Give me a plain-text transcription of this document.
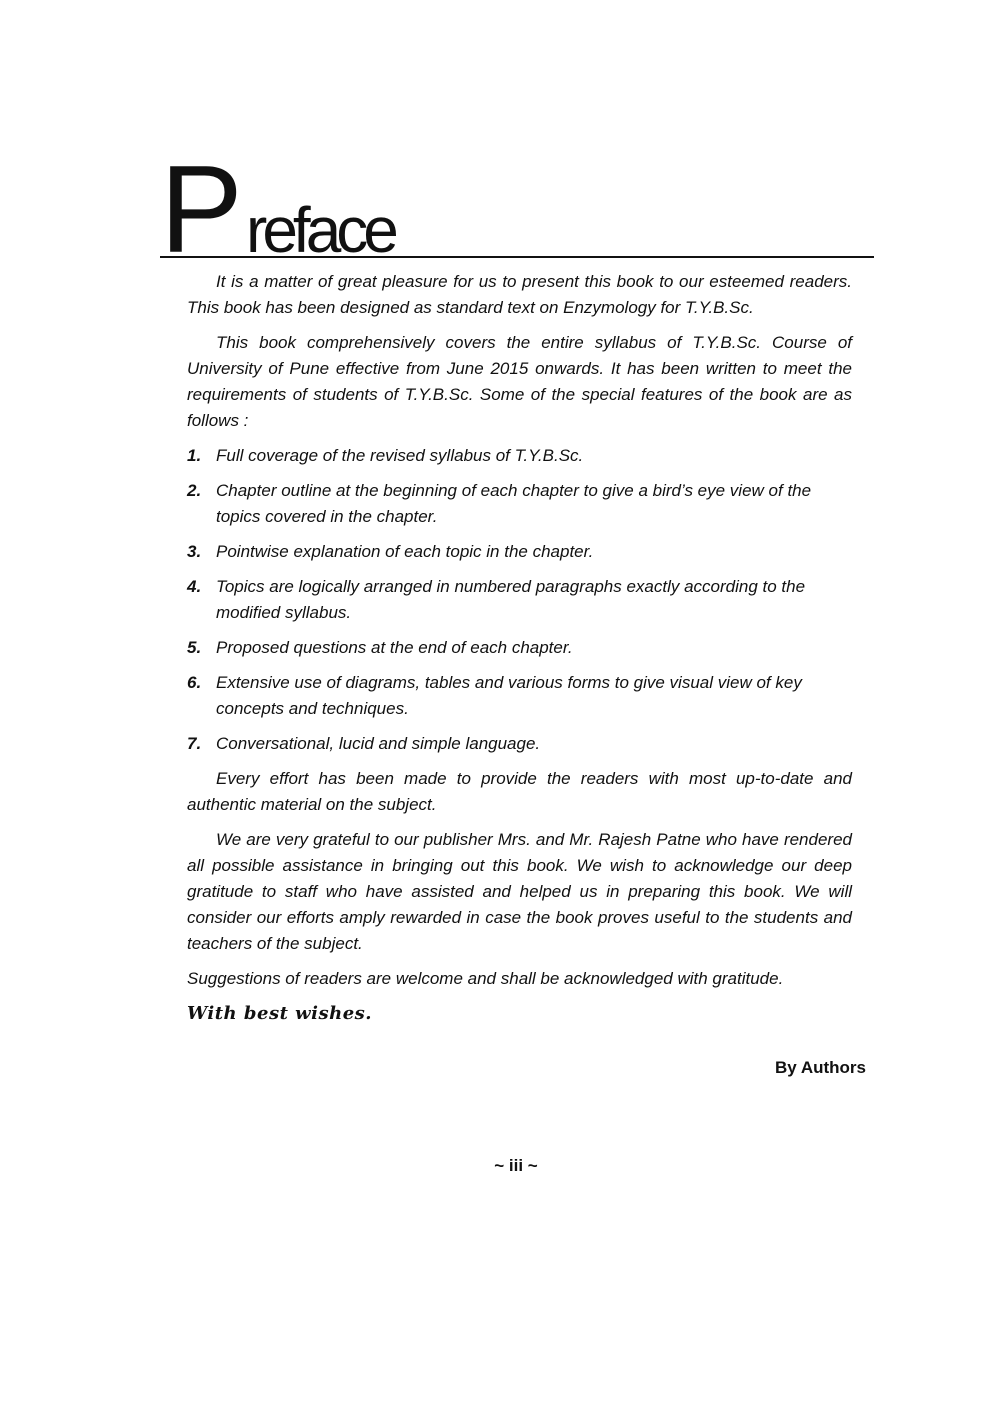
P reface

It is a matter of great pleasure for us to present this book to our esteemed readers. This book has been designed as standard text on Enzymology for T.Y.B.Sc.

This book comprehensively covers the entire syllabus of T.Y.B.Sc. Course of University of Pune effective from June 2015 onwards. It has been written to meet the requirements of students of T.Y.B.Sc. Some of the special features of the book are as follows :

1. Full coverage of the revised syllabus of T.Y.B.Sc.
2. Chapter outline at the beginning of each chapter to give a bird’s eye view of the topics covered in the chapter.
3. Pointwise explanation of each topic in the chapter.
4. Topics are logically arranged in numbered paragraphs exactly according to the modified syllabus.
5. Proposed questions at the end of each chapter.
6. Extensive use of diagrams, tables and various forms to give visual view of key concepts and techniques.
7. Conversational, lucid and simple language.

Every effort has been made to provide the readers with most up-to-date and authentic material on the subject.

We are very grateful to our publisher Mrs. and Mr. Rajesh Patne who have rendered all possible assistance in bringing out this book. We wish to acknowledge our deep gratitude to staff who have assisted and helped us in preparing this book. We will consider our efforts amply rewarded in case the book proves useful to the students and teachers of the subject.

Suggestions of readers are welcome and shall be acknowledged with gratitude.

With best wishes.

By Authors
~ iii ~
